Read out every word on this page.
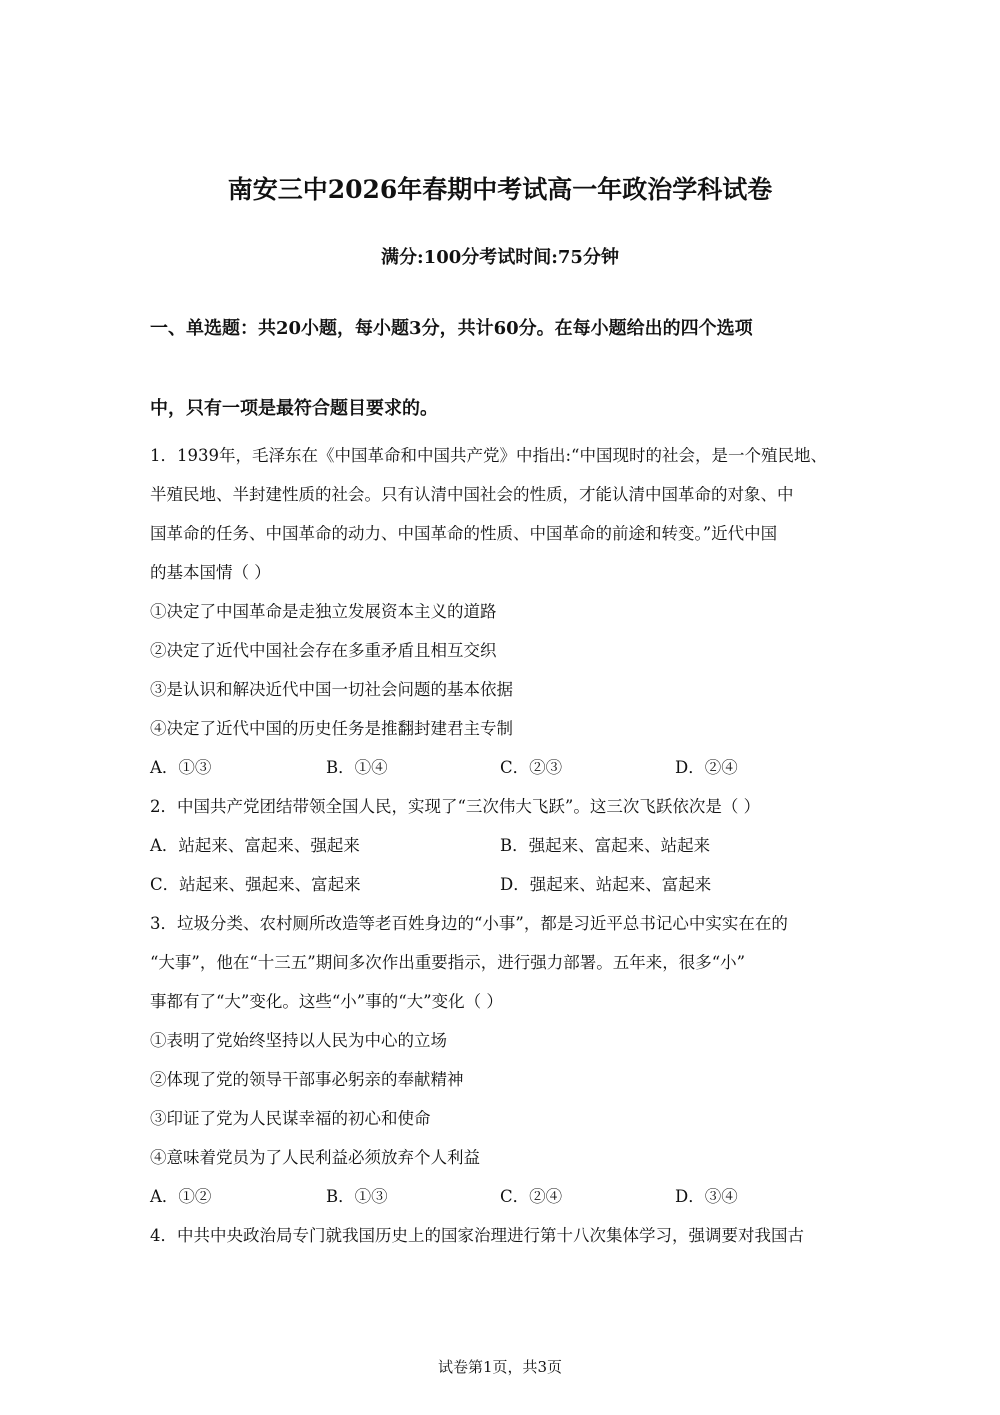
南安三中2026年春期中考试高一年政治学科试卷
满分:100分考试时间:75分钟
一、单选题：共20小题，每小题3分，共计60分。在每小题给出的四个选项
中，只有一项是最符合题目要求的。
1．1939年，毛泽东在《中国革命和中国共产党》中指出:“中国现时的社会，是一个殖民地、
半殖民地、半封建性质的社会。只有认清中国社会的性质，才能认清中国革命的对象、中
国革命的任务、中国革命的动力、中国革命的性质、中国革命的前途和转变。”近代中国
的基本国情（ ）
①决定了中国革命是走独立发展资本主义的道路
②决定了近代中国社会存在多重矛盾且相互交织
③是认识和解决近代中国一切社会问题的基本依据
④决定了近代中国的历史任务是推翻封建君主专制
A．①③	B．①④	C．②③	D．②④
2．中国共产党团结带领全国人民，实现了“三次伟大飞跃”。这三次飞跃依次是（ ）
A．站起来、富起来、强起来	B．强起来、富起来、站起来
C．站起来、强起来、富起来	D．强起来、站起来、富起来
3．垃圾分类、农村厕所改造等老百姓身边的“小事”，都是习近平总书记心中实实在在的
“大事”，他在“十三五”期间多次作出重要指示，进行强力部署。五年来，很多“小”
事都有了“大”变化。这些“小”事的“大”变化（ ）
①表明了党始终坚持以人民为中心的立场
②体现了党的领导干部事必躬亲的奉献精神
③印证了党为人民谋幸福的初心和使命
④意味着党员为了人民利益必须放弃个人利益
A．①②	B．①③	C．②④	D．③④
4．中共中央政治局专门就我国历史上的国家治理进行第十八次集体学习，强调要对我国古
试卷第1页，共3页
